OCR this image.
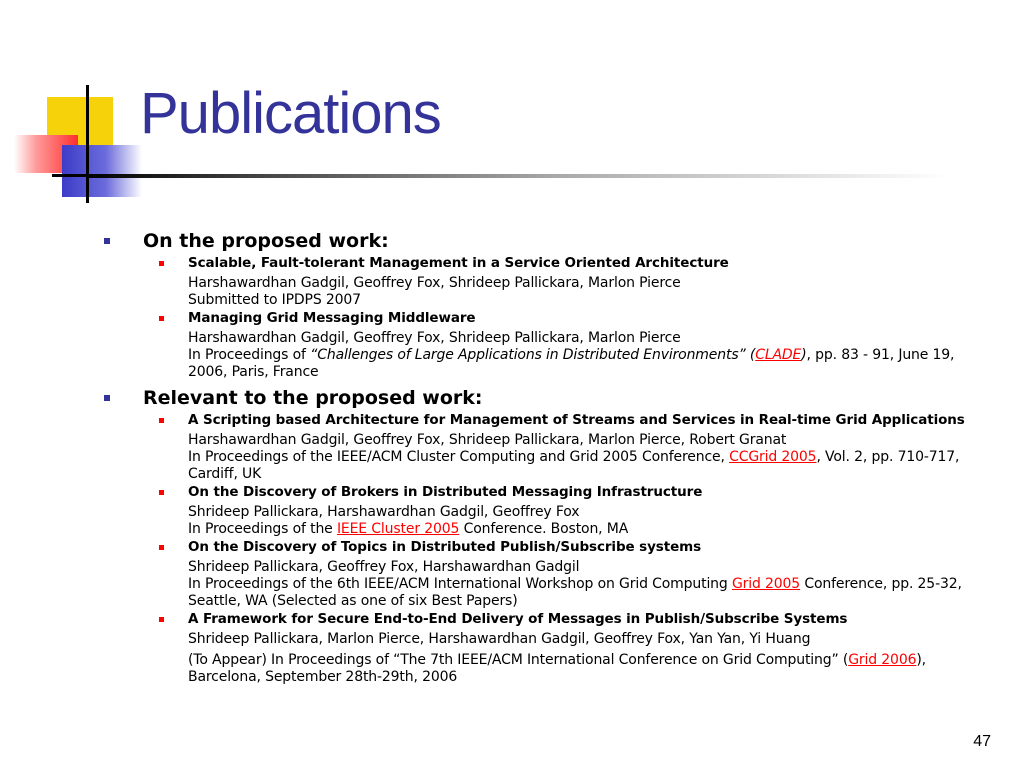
Publications
On the proposed work:
Scalable, Fault-tolerant Management in a Service Oriented Architecture
Harshawardhan Gadgil, Geoffrey Fox, Shrideep Pallickara, Marlon Pierce
Submitted to IPDPS 2007
Managing Grid Messaging Middleware
Harshawardhan Gadgil, Geoffrey Fox, Shrideep Pallickara, Marlon Pierce
In Proceedings of “Challenges of Large Applications in Distributed Environments” (CLADE), pp. 83 - 91, June 19, 2006, Paris, France
Relevant to the proposed work:
A Scripting based Architecture for Management of Streams and Services in Real-time Grid Applications
Harshawardhan Gadgil, Geoffrey Fox, Shrideep Pallickara, Marlon Pierce, Robert Granat
In Proceedings of the IEEE/ACM Cluster Computing and Grid 2005 Conference, CCGrid 2005, Vol. 2, pp. 710-717, Cardiff, UK
On the Discovery of Brokers in Distributed Messaging Infrastructure
Shrideep Pallickara, Harshawardhan Gadgil, Geoffrey Fox
In Proceedings of the IEEE Cluster 2005 Conference. Boston, MA
On the Discovery of Topics in Distributed Publish/Subscribe systems
Shrideep Pallickara, Geoffrey Fox, Harshawardhan Gadgil
In Proceedings of the 6th IEEE/ACM International Workshop on Grid Computing Grid 2005 Conference, pp. 25-32, Seattle, WA (Selected as one of six Best Papers)
A Framework for Secure End-to-End Delivery of Messages in Publish/Subscribe Systems
Shrideep Pallickara, Marlon Pierce, Harshawardhan Gadgil, Geoffrey Fox, Yan Yan, Yi Huang
(To Appear) In Proceedings of “The 7th IEEE/ACM International Conference on Grid Computing” (Grid 2006), Barcelona, September 28th-29th, 2006
47
